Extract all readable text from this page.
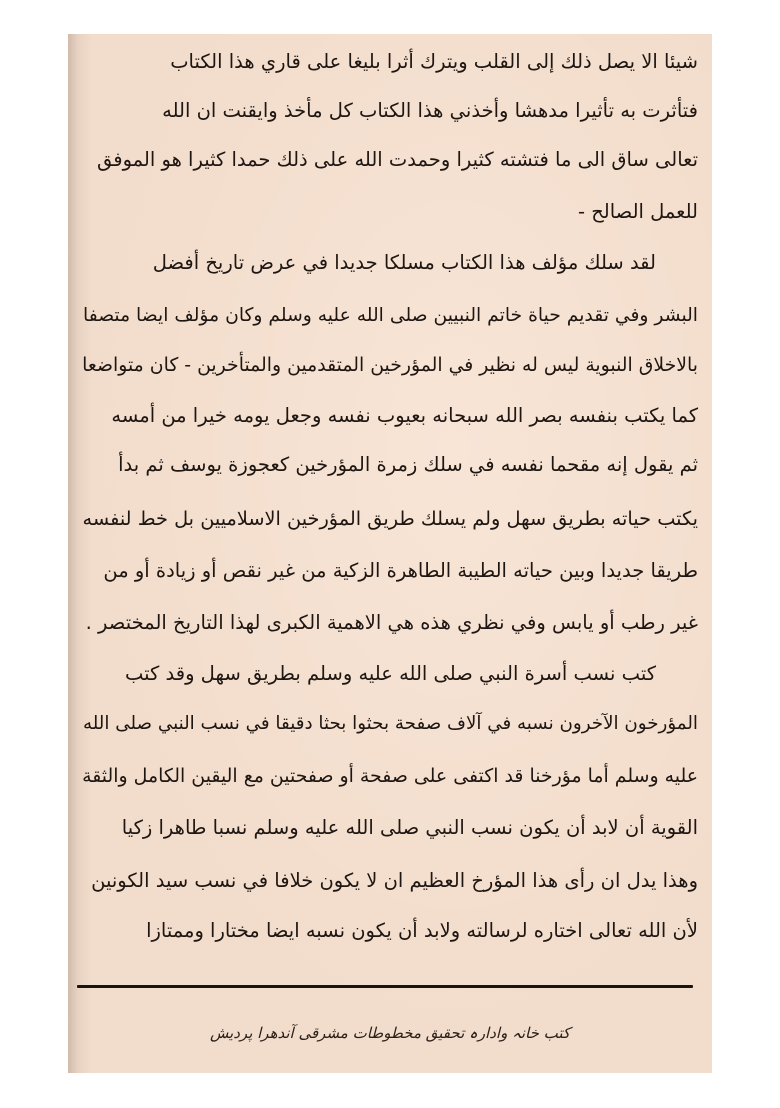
شيئا الا يصل ذلك إلى القلب ويترك أثرا بليغا على قاري هذا الكتاب
فتأثرت به تأثيرا مدهشا وأخذني هذا الكتاب كل مأخذ وايقنت ان الله
تعالى ساق الى ما فتشته كثيرا وحمدت الله على ذلك حمدا كثيرا هو الموفق
للعمل الصالح -
لقد سلك مؤلف هذا الكتاب مسلكا جديدا في عرض تاريخ أفضل
البشر وفي تقديم حياة خاتم النبيين صلى الله عليه وسلم وكان مؤلف ايضا متصفا
بالاخلاق النبوية ليس له نظير في المؤرخين المتقدمين والمتأخرين - كان متواضعا
كما يكتب بنفسه بصر الله سبحانه بعيوب نفسه وجعل يومه خيرا من أمسه
ثم يقول إنه مقحما نفسه في سلك زمرة المؤرخين كعجوزة يوسف ثم بدأ
يكتب حياته بطريق سهل ولم يسلك طريق المؤرخين الاسلاميين بل خط لنفسه
طريقا جديدا وبين حياته الطيبة الطاهرة الزكية من غير نقص أو زيادة أو من
غير رطب أو يابس وفي نظري هذه هي الاهمية الكبرى لهذا التاريخ المختصر .
كتب نسب أسرة النبي صلى الله عليه وسلم بطريق سهل وقد كتب
المؤرخون الآخرون نسبه في آلاف صفحة بحثوا بحثا دقيقا في نسب النبي صلى الله
عليه وسلم أما مؤرخنا قد اكتفى على صفحة أو صفحتين مع اليقين الكامل والثقة
القوية أن لابد أن يكون نسب النبي صلى الله عليه وسلم نسبا طاهرا زكيا
وهذا يدل ان رأى هذا المؤرخ العظيم ان لا يكون خلافا في نسب سيد الكونين
لأن الله تعالى اختاره لرسالته ولابد أن يكون نسبه ايضا مختارا وممتازا
کتب خانہ وادارہ تحقیق مخطوطات مشرقی آندھرا پردیش
